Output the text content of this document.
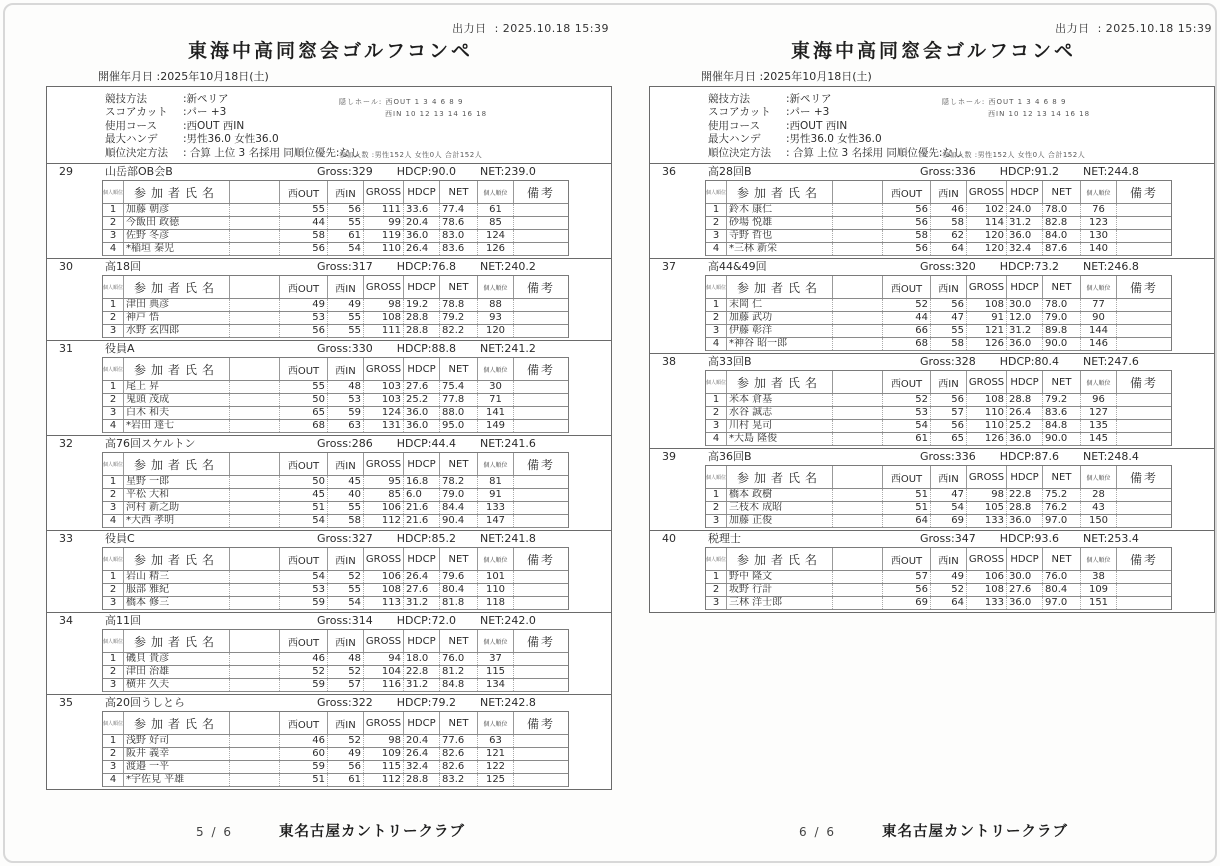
出力日 : 2025.10.18 15:39
東海中高同窓会ゴルフコンペ
開催年月日 :2025年10月18日(土)
競技方法	:新ペリア
スコアカット	:パー +3
使用コース	:西OUT 西IN
最大ハンデ	:男性36.0 女性36.0
順位決定方法	: 合算 上位 3 名採用 同順位優先:なし
隠しホール: 西OUT 1 3 4 6 8 9
西IN 10 12 13 14 16 18
参加人数 :男性152人 女性0人 合計152人
29	山岳部OB会B	Gross:329 HDCP:90.0 NET:239.0
個人順位 参加者氏名	西OUT	西IN	GROSS HDCP	NET	個人順位	備考
1 加藤 朝彦	55	56	111 33.6	77.4	61
2 今飯田 政徳	44	55	99 20.4	78.6	85
3 佐野 冬彦	58	61	119 36.0	83.0	124
4 *稲垣 秦児	56	54	110 26.4	83.6	126
30	高18回	Gross:317 HDCP:76.8 NET:240.2
個人順位 参加者氏名	西OUT	西IN	GROSS HDCP	NET	個人順位	備考
1 津田 典彦	49	49	98 19.2	78.8	88
2 神戸 悟	53	55	108 28.8	79.2	93
3 水野 玄四郎	56	55	111 28.8	82.2	120
31	役員A	Gross:330 HDCP:88.8 NET:241.2
個人順位 参加者氏名	西OUT	西IN	GROSS HDCP	NET	個人順位	備考
1 尾上 昇	55	48	103 27.6	75.4	30
2 鬼頭 茂成	50	53	103 25.2	77.8	71
3 白木 和夫	65	59	124 36.0	88.0	141
4 *岩田 達七	68	63	131 36.0	95.0	149
32	高76回スケルトン	Gross:286 HDCP:44.4 NET:241.6
個人順位 参加者氏名	西OUT	西IN	GROSS HDCP	NET	個人順位	備考
1 星野 一郎	50	45	95 16.8	78.2	81
2 平松 大和	45	40	85 6.0	79.0	91
3 河村 新之助	51	55	106 21.6	84.4	133
4 *大西 孝明	54	58	112 21.6	90.4	147
33	役員C	Gross:327 HDCP:85.2 NET:241.8
個人順位 参加者氏名	西OUT	西IN	GROSS HDCP	NET	個人順位	備考
1 岩山 精三	54	52	106 26.4	79.6	101
2 服部 雅紀	53	55	108 27.6	80.4	110
3 橋本 修三	59	54	113 31.2	81.8	118
34	高11回	Gross:314 HDCP:72.0 NET:242.0
個人順位 参加者氏名	西OUT	西IN	GROSS HDCP	NET	個人順位	備考
1 磯貝 貴彦	46	48	94 18.0	76.0	37
2 津田 治雄	52	52	104 22.8	81.2	115
3 横井 久夫	59	57	116 31.2	84.8	134
35	高20回うしとら	Gross:322 HDCP:79.2 NET:242.8
個人順位 参加者氏名	西OUT	西IN	GROSS HDCP	NET	個人順位	備考
1 浅野 好司	46	52	98 20.4	77.6	63
2 阪井 義幸	60	49	109 26.4	82.6	121
3 渡邉 一平	59	56	115 32.4	82.6	122
4 *宇佐見 平雄	51	61	112 28.8	83.2	125
5 / 6	東名古屋カントリークラブ
出力日 : 2025.10.18 15:39
東海中高同窓会ゴルフコンペ
開催年月日 :2025年10月18日(土)
競技方法	:新ペリア
スコアカット	:パー +3
使用コース	:西OUT 西IN
最大ハンデ	:男性36.0 女性36.0
順位決定方法	: 合算 上位 3 名採用 同順位優先:なし
隠しホール: 西OUT 1 3 4 6 8 9
西IN 10 12 13 14 16 18
参加人数 :男性152人 女性0人 合計152人
36	高28回B	Gross:336 HDCP:91.2 NET:244.8
個人順位 参加者氏名	西OUT	西IN	GROSS HDCP	NET	個人順位	備考
1 鈴木 康仁	56	46	102 24.0	78.0	76
2 砂場 悦雄	56	58	114 31.2	82.8	123
3 寺野 哲也	58	62	120 36.0	84.0	130
4 *三林 新栄	56	64	120 32.4	87.6	140
37	高44&49回	Gross:320 HDCP:73.2 NET:246.8
個人順位 参加者氏名	西OUT	西IN	GROSS HDCP	NET	個人順位	備考
1 末岡 仁	52	56	108 30.0	78.0	77
2 加藤 武功	44	47	91 12.0	79.0	90
3 伊藤 彰洋	66	55	121 31.2	89.8	144
4 *神谷 昭一郎	68	58	126 36.0	90.0	146
38	高33回B	Gross:328 HDCP:80.4 NET:247.6
個人順位 参加者氏名	西OUT	西IN	GROSS HDCP	NET	個人順位	備考
1 米本 倉基	52	56	108 28.8	79.2	96
2 水谷 誠志	53	57	110 26.4	83.6	127
3 川村 晃司	54	56	110 25.2	84.8	135
4 *大島 隆俊	61	65	126 36.0	90.0	145
39	高36回B	Gross:336 HDCP:87.6 NET:248.4
個人順位 参加者氏名	西OUT	西IN	GROSS HDCP	NET	個人順位	備考
1 橋本 政樹	51	47	98 22.8	75.2	28
2 三枝木 成昭	51	54	105 28.8	76.2	43
3 加藤 正俊	64	69	133 36.0	97.0	150
40	税理士	Gross:347 HDCP:93.6 NET:253.4
個人順位 参加者氏名	西OUT	西IN	GROSS HDCP	NET	個人順位	備考
1 野中 隆文	57	49	106 30.0	76.0	38
2 坂野 行計	56	52	108 27.6	80.4	109
3 三林 洋士郎	69	64	133 36.0	97.0	151
6 / 6	東名古屋カントリークラブ
